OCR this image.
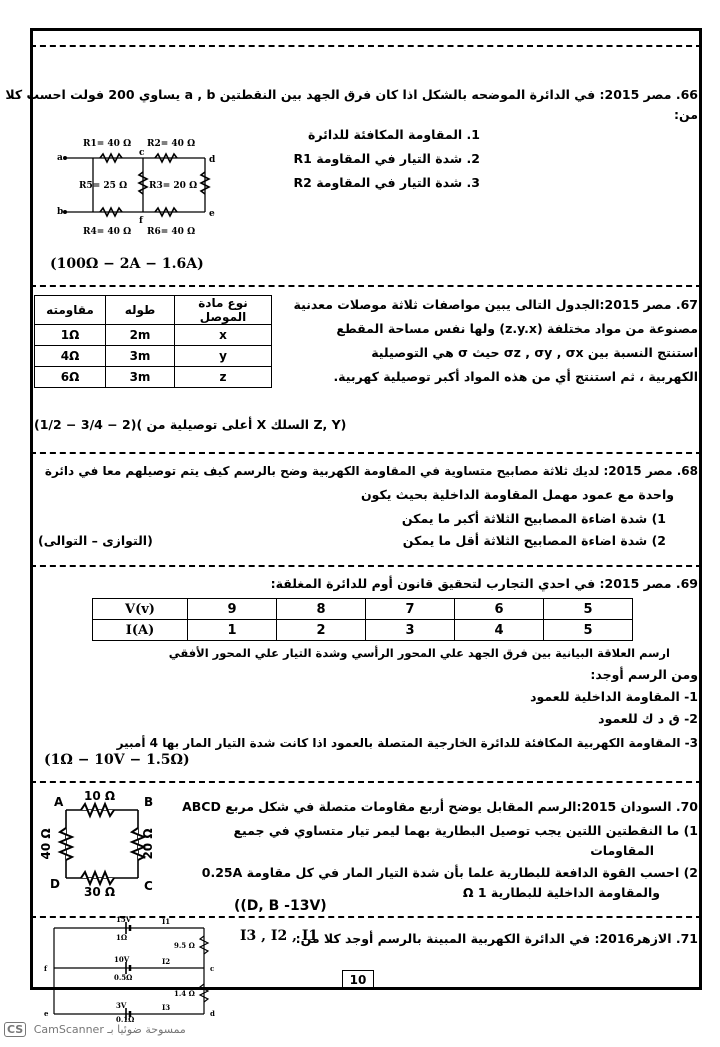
66. مصر 2015: في الدائرة الموضحه بالشكل اذا كان فرق الجهد بين النقطتين a , b يساوي 200 فولت احسب كلا
من:
1. المقاومة المكافئة للدائرة
2. شدة التيار في المقاومة R1
3. شدة التيار في المقاومة R2
(100Ω − 2A − 1.6A)
R1= 40 Ω R2= 40 Ω
R5= 25 Ω R3= 20 Ω
R4= 40 Ω R6= 40 Ω
a
b
c
d
e
f
نوع مادة الموصل	طوله	مقاومته
x	2m	1Ω
y	3m	4Ω
z	3m	6Ω
67. مصر 2015:الجدول التالى يبين مواصفات ثلاثة موصلات معدنية
مصنوعة من مواد مختلفة (z.y.x) ولها نفس مساحة المقطع
استنتج النسبة بين σz , σy , σx حيث σ هي التوصيلية
الكهربية ، ثم استنتج أي من هذه المواد أكبر توصيلية كهربية.
(Z, Y السلك X أعلى توصيلية من )(2 − 3/4 − 1/2)
68. مصر 2015: لديك ثلاثة مصابيح متساوية في المقاومة الكهربية وضح بالرسم كيف يتم توصيلهم معا في دائرة
واحدة مع عمود مهمل المقاومة الداخلية بحيث يكون
1) شدة اضاءة المصابيح الثلاثة أكبر ما يمكن
2) شدة اضاءة المصابيح الثلاثة أقل ما يمكن
(التوازى – التوالى)
69. مصر 2015: في احدي التجارب لتحقيق قانون أوم للدائرة المغلقة:
V(v)	9	8	7	6	5
I(A)	1	2	3	4	5
ارسم العلاقة البيانية بين فرق الجهد علي المحور الرأسي وشدة التيار علي المحور الأفقي
ومن الرسم أوجد:
1- المقاومة الداخلية للعمود
2- ق د ك للعمود
3- المقاومة الكهربية المكافئة للدائرة الخارجية المتصلة بالعمود اذا كانت شدة التيار المار بها 4 أمبير
(1Ω − 10V − 1.5Ω)
70. السودان 2015:الرسم المقابل يوضح أربع مقاومات متصلة في شكل مربع ABCD
1) ما النقطتين اللتين يجب توصيل البطارية بهما ليمر تيار متساوي في جميع
المقاومات
2) احسب القوة الدافعة للبطارية علما بأن شدة التيار المار في كل مقاومة 0.25A
والمقاومة الداخلية للبطارية 1 Ω
((D, B -13V)
A	B
C
D
10 Ω
30 Ω
20 Ω
40 Ω
71. الازهر2016: في الدائرة الكهربية المبينة بالرسم أوجد كلا من:
I3 , I2 , I1
15V
1Ω
10V
0.5Ω
3V
0.1Ω
9.5 Ω
1.4 Ω
I1
I2
I3
f	c
e	d
10
CS CamScanner ممسوحة ضوئيا بـ
